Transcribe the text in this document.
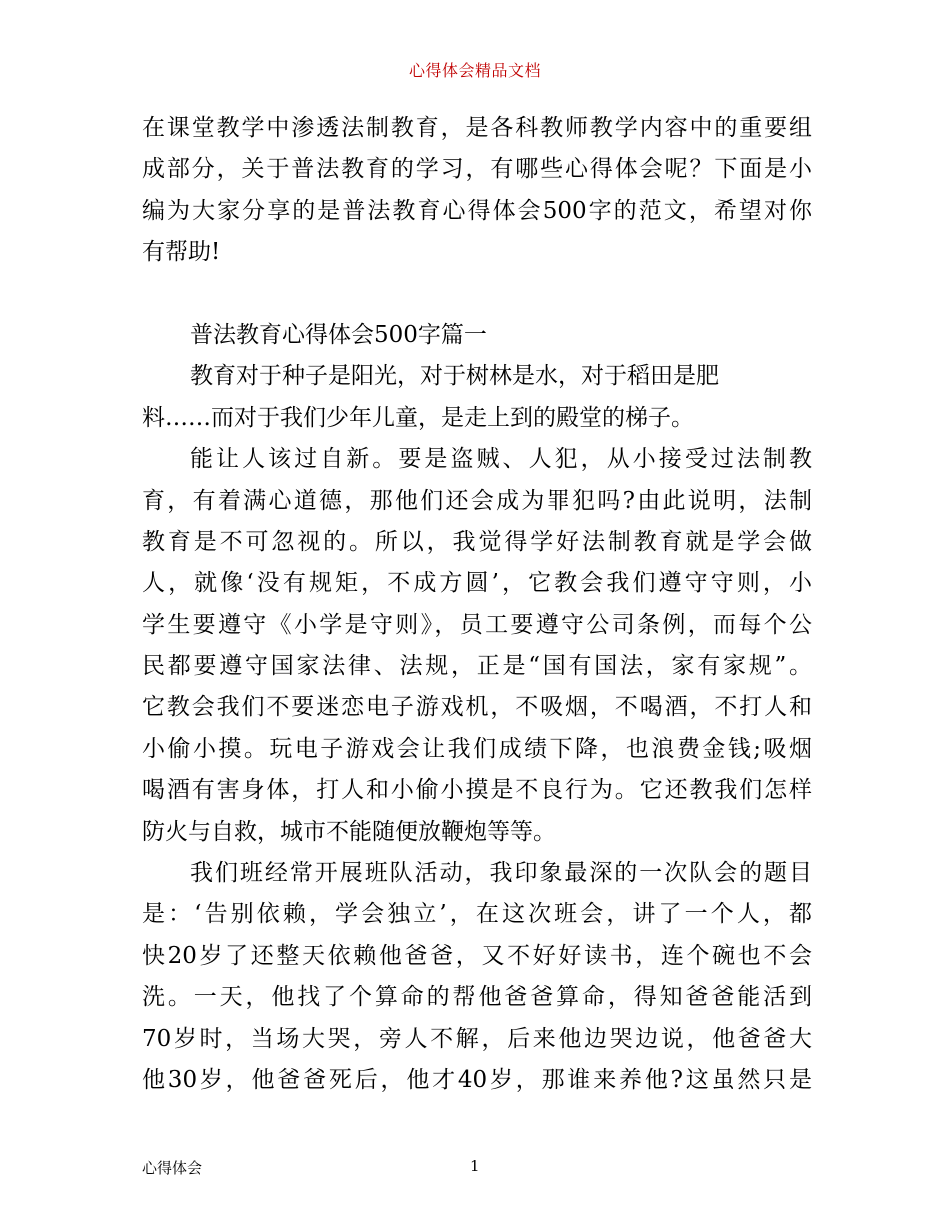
心得体会精品文档
在课堂教学中渗透法制教育，是各科教师教学内容中的重要组
成部分，关于普法教育的学习，有哪些心得体会呢？下面是小
编为大家分享的是普法教育心得体会500字的范文，希望对你
有帮助!
普法教育心得体会500字篇一
教育对于种子是阳光，对于树林是水，对于稻田是肥
料……而对于我们少年儿童，是走上到的殿堂的梯子。
能让人该过自新。要是盗贼、人犯，从小接受过法制教
育，有着满心道德，那他们还会成为罪犯吗?由此说明，法制
教育是不可忽视的。所以，我觉得学好法制教育就是学会做
人，就像‘没有规矩，不成方圆’，它教会我们遵守守则，小
学生要遵守《小学是守则》，员工要遵守公司条例，而每个公
民都要遵守国家法律、法规，正是“国有国法，家有家规”。
它教会我们不要迷恋电子游戏机，不吸烟，不喝酒，不打人和
小偷小摸。玩电子游戏会让我们成绩下降，也浪费金钱;吸烟
喝酒有害身体，打人和小偷小摸是不良行为。它还教我们怎样
防火与自救，城市不能随便放鞭炮等等。
我们班经常开展班队活动，我印象最深的一次队会的题目
是：‘告别依赖，学会独立’，在这次班会，讲了一个人，都
快20岁了还整天依赖他爸爸，又不好好读书，连个碗也不会
洗。一天，他找了个算命的帮他爸爸算命，得知爸爸能活到
70岁时，当场大哭，旁人不解，后来他边哭边说，他爸爸大
他30岁，他爸爸死后，他才40岁，那谁来养他?这虽然只是
心得体会	1
